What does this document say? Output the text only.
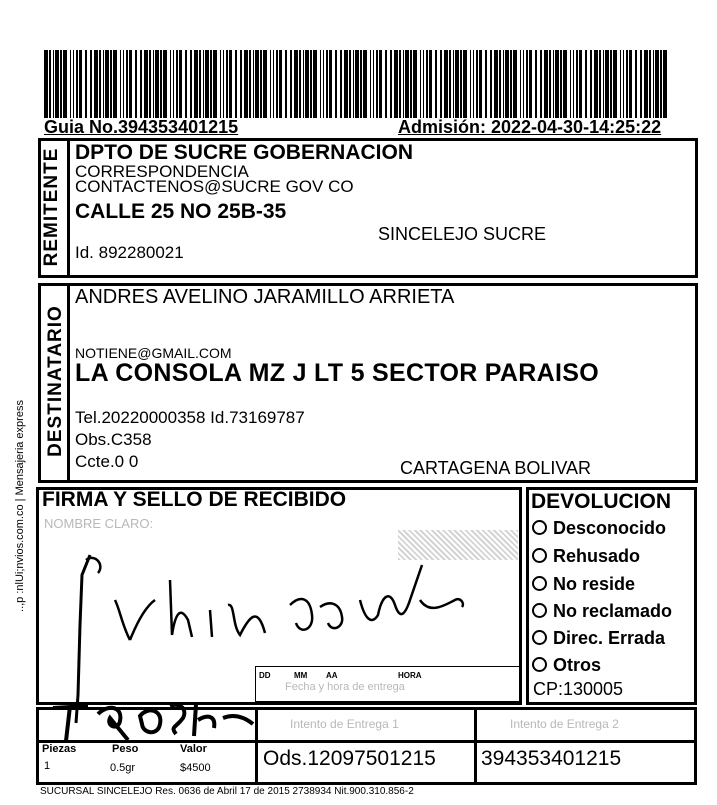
Guia No.394353401215	Admisión: 2022-04-30-14:25:22
..,p :nlUi;nvios.com.co | Mensajeria express
REMITENTE DPTO DE SUCRE GOBERNACION
CORRESPONDENCIA
CONTACTENOS@SUCRE GOV CO
CALLE 25 NO 25B-35
SINCELEJO SUCRE
Id. 892280021
DESTINATARIO
ANDRES AVELINO JARAMILLO ARRIETA
NOTIENE@GMAIL.COM
LA CONSOLA MZ J LT 5 SECTOR PARAISO
Tel.20220000358 Id.73169787
Obs.C358
Ccte.0 0	CARTAGENA BOLIVAR
FIRMA Y SELLO DE RECIBIDO
NOMBRE CLARO:
DD	MM AA	HORA
Fecha y hora de entrega
DEVOLUCION
Desconocido
Rehusado
No reside
No reclamado
Direc. Errada
Otros
CP:130005
Intento de Entrega 1	Intento de Entrega 2
Piezas
1
Peso
0.5gr
Valor
$4500 Ods.12097501215 394353401215
SUCURSAL SINCELEJO Res. 0636 de Abril 17 de 2015 2738934 Nit.900.310.856-2
